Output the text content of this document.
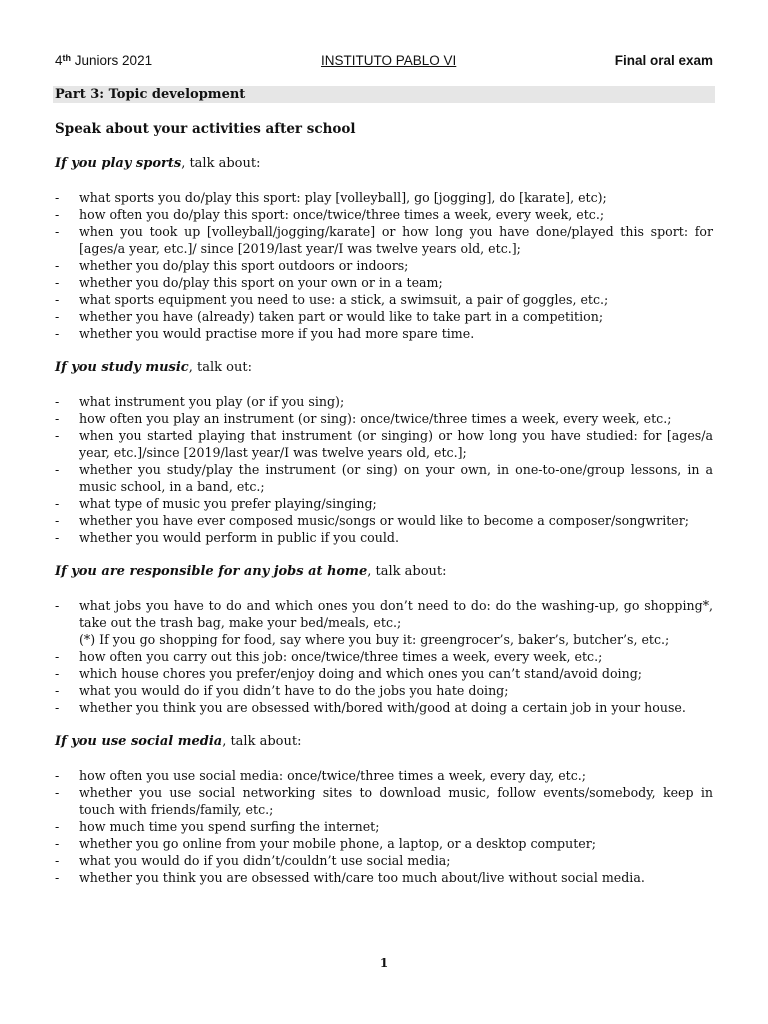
4th Juniors 2021	INSTITUTO PABLO VI	Final oral exam
Part 3: Topic development

Speak about your activities after school

If you play sports, talk about:

- what sports you do/play this sport: play [volleyball], go [jogging], do [karate], etc);
- how often you do/play this sport: once/twice/three times a week, every week, etc.;
- when you took up [volleyball/jogging/karate] or how long you have done/played this sport: for [ages/a year, etc.]/ since [2019/last year/I was twelve years old, etc.];
- whether you do/play this sport outdoors or indoors;
- whether you do/play this sport on your own or in a team;
- what sports equipment you need to use: a stick, a swimsuit, a pair of goggles, etc.;
- whether you have (already) taken part or would like to take part in a competition;
- whether you would practise more if you had more spare time.

If you study music, talk out:

- what instrument you play (or if you sing);
- how often you play an instrument (or sing): once/twice/three times a week, every week, etc.;
- when you started playing that instrument (or singing) or how long you have studied: for [ages/a year, etc.]/since [2019/last year/I was twelve years old, etc.];
- whether you study/play the instrument (or sing) on your own, in one-to-one/group lessons, in a music school, in a band, etc.;
- what type of music you prefer playing/singing;
- whether you have ever composed music/songs or would like to become a composer/songwriter;
- whether you would perform in public if you could.

If you are responsible for any jobs at home, talk about:

- what jobs you have to do and which ones you don’t need to do: do the washing-up, go shopping*, take out the trash bag, make your bed/meals, etc.;
(*) If you go shopping for food, say where you buy it: greengrocer’s, baker’s, butcher’s, etc.;
- how often you carry out this job: once/twice/three times a week, every week, etc.;
- which house chores you prefer/enjoy doing and which ones you can’t stand/avoid doing;
- what you would do if you didn’t have to do the jobs you hate doing;
- whether you think you are obsessed with/bored with/good at doing a certain job in your house.

If you use social media, talk about:

- how often you use social media: once/twice/three times a week, every day, etc.;
- whether you use social networking sites to download music, follow events/somebody, keep in touch with friends/family, etc.;
- how much time you spend surfing the internet;
- whether you go online from your mobile phone, a laptop, or a desktop computer;
- what you would do if you didn’t/couldn’t use social media;
- whether you think you are obsessed with/care too much about/live without social media.
1
